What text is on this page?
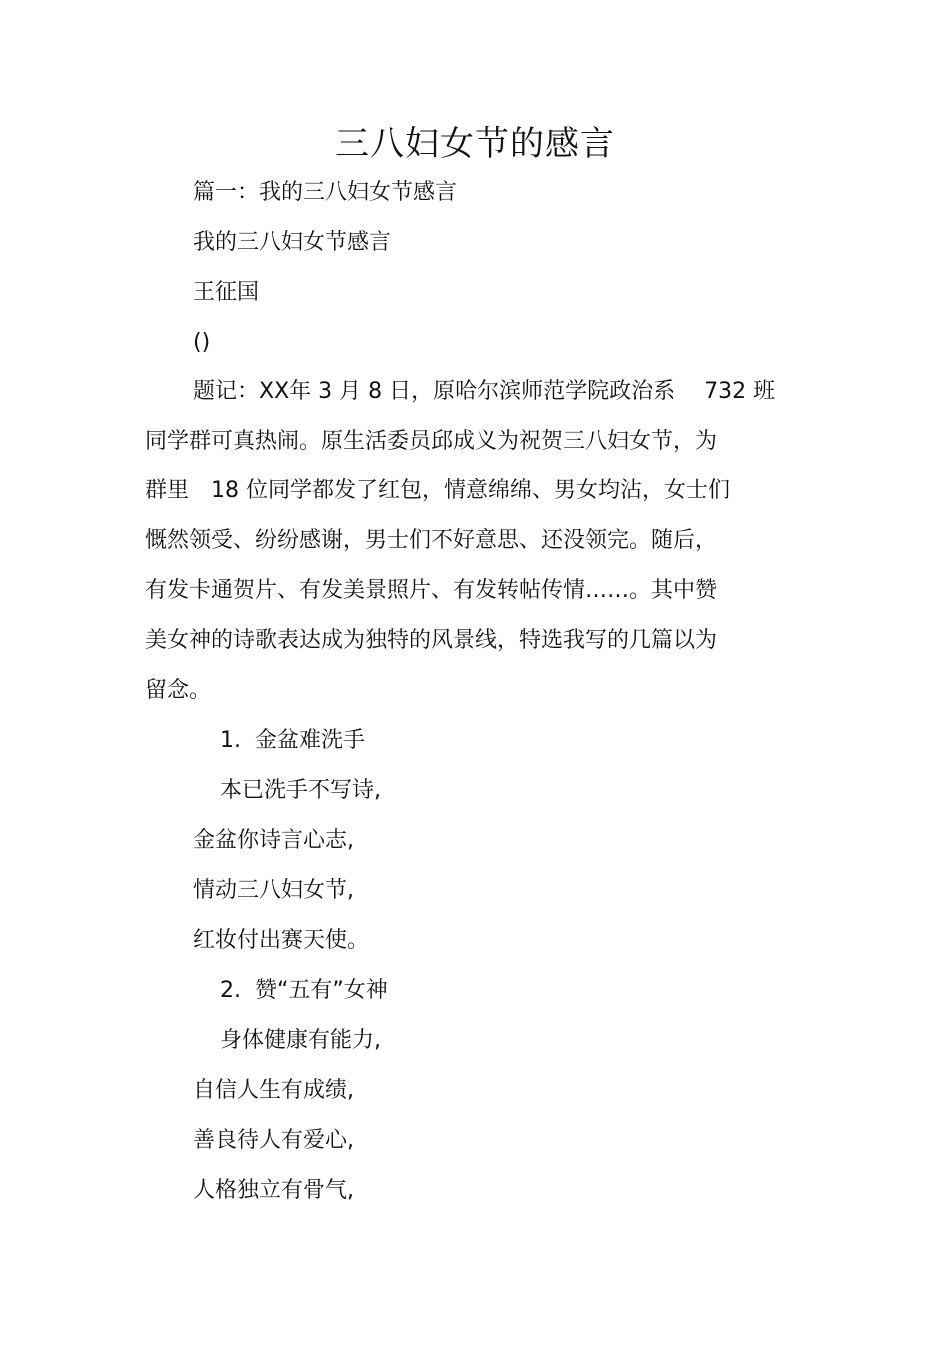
三八妇女节的感言
篇一：我的三八妇女节感言
我的三八妇女节感言
王征国
()
题记：XX年 3 月 8 日，原哈尔滨师范学院政治系　 732 班
同学群可真热闹。原生活委员邱成义为祝贺三八妇女节，为
群里　18 位同学都发了红包，情意绵绵、男女均沾，女士们
慨然领受、纷纷感谢，男士们不好意思、还没领完。随后，
有发卡通贺片、有发美景照片、有发转帖传情……。其中赞
美女神的诗歌表达成为独特的风景线，特选我写的几篇以为
留念。
1.  金盆难洗手
本已洗手不写诗,
金盆你诗言心志,
情动三八妇女节,
红妆付出赛天使。
2.  赞“五有”女神
身体健康有能力,
自信人生有成绩,
善良待人有爱心,
人格独立有骨气,
